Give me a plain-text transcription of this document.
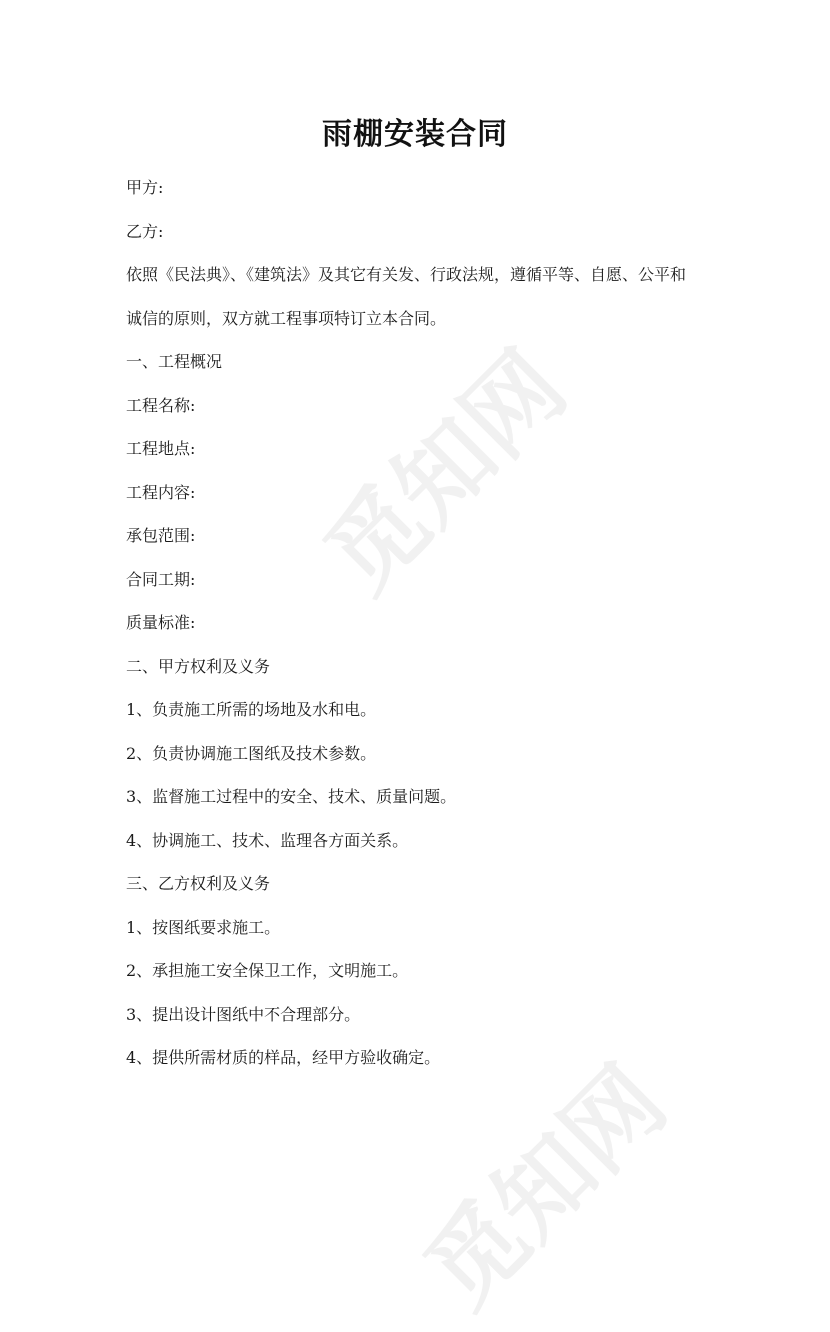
觅知网
觅知网
雨棚安装合同
甲方:
乙方:
依照《民法典》、《建筑法》及其它有关发、行政法规，遵循平等、自愿、公平和
诚信的原则，双方就工程事项特订立本合同。
一、工程概况
工程名称:
工程地点:
工程内容:
承包范围:
合同工期:
质量标准:
二、甲方权利及义务
1、负责施工所需的场地及水和电。
2、负责协调施工图纸及技术参数。
3、监督施工过程中的安全、技术、质量问题。
4、协调施工、技术、监理各方面关系。
三、乙方权利及义务
1、按图纸要求施工。
2、承担施工安全保卫工作，文明施工。
3、提出设计图纸中不合理部分。
4、提供所需材质的样品，经甲方验收确定。
